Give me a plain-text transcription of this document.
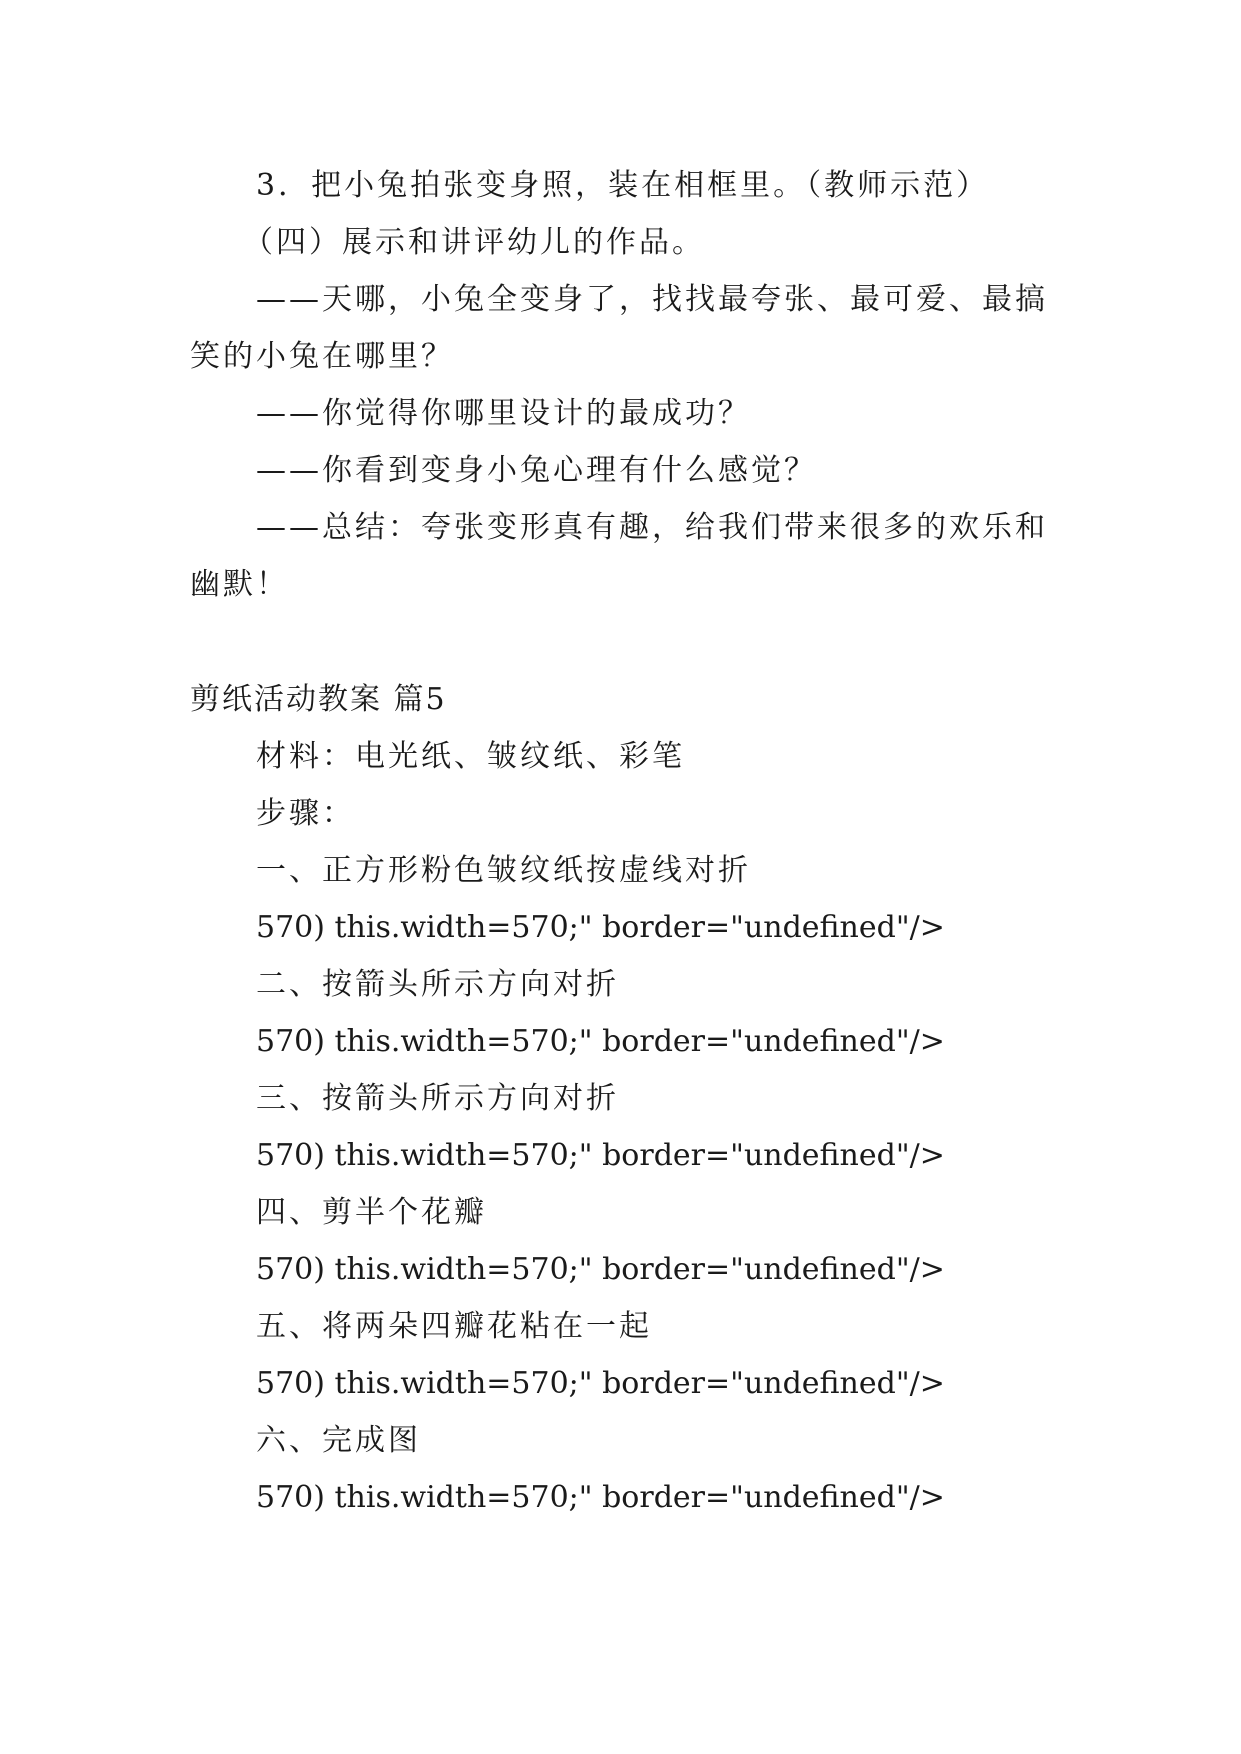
3．把小兔拍张变身照，装在相框里。（教师示范）
（四）展示和讲评幼儿的作品。
——天哪，小兔全变身了，找找最夸张、最可爱、最搞
笑的小兔在哪里？
——你觉得你哪里设计的最成功？
——你看到变身小兔心理有什么感觉？
——总结：夸张变形真有趣，给我们带来很多的欢乐和
幽默！
剪纸活动教案 篇5
材料：电光纸、皱纹纸、彩笔
步骤：
一、正方形粉色皱纹纸按虚线对折
570) this.width=570;" border="undefined"/>
二、按箭头所示方向对折
570) this.width=570;" border="undefined"/>
三、按箭头所示方向对折
570) this.width=570;" border="undefined"/>
四、剪半个花瓣
570) this.width=570;" border="undefined"/>
五、将两朵四瓣花粘在一起
570) this.width=570;" border="undefined"/>
六、完成图
570) this.width=570;" border="undefined"/>
